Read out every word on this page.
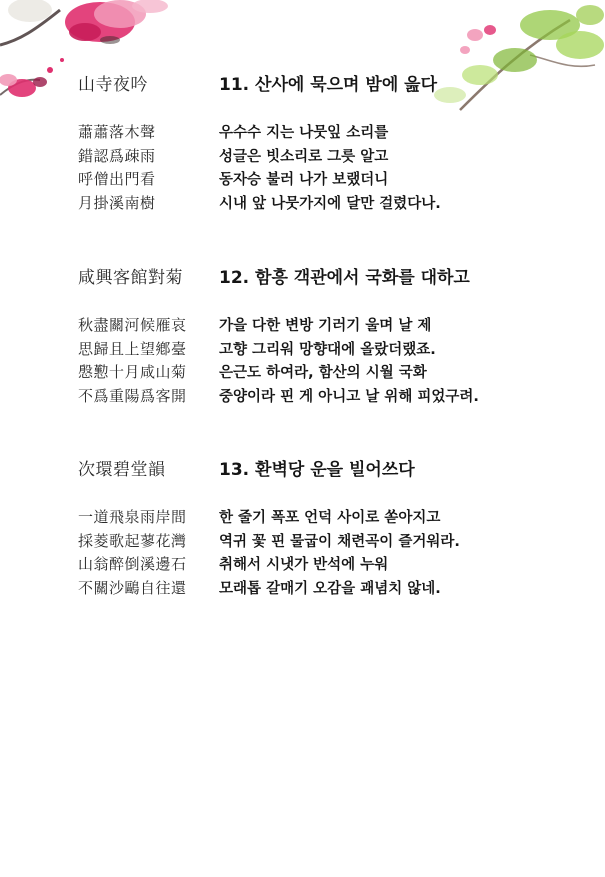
山寺夜吟	11. 산사에 묵으며 밤에 읊다
蕭蕭落木聲	우수수 지는 나뭇잎 소리를
錯認爲疎雨	성글은 빗소리로 그릇 알고
呼僧出門看	동자승 불러 나가 보랬더니
月掛溪南樹	시내 앞 나뭇가지에 달만 걸렸다나.
咸興客館對菊 12. 함흥 객관에서 국화를 대하고
秋盡關河候雁哀 가을 다한 변방 기러기 울며 날 제
思歸且上望鄕臺 고향 그리워 망향대에 올랐더랬죠.
慇懃十月咸山菊 은근도 하여라, 함산의 시월 국화
不爲重陽爲客開 중양이라 핀 게 아니고 날 위해 피었구려.
次環碧堂韻	13. 환벽당 운을 빌어쓰다
一道飛泉雨岸間 한 줄기 폭포 언덕 사이로 쏟아지고
採菱歌起蓼花灣 역귀 꽃 핀 물굽이 채련곡이 즐거워라.
山翁醉倒溪邊石 취해서 시냇가 반석에 누워
不關沙鷗自往還 모래톱 갈매기 오감을 괘념치 않네.
